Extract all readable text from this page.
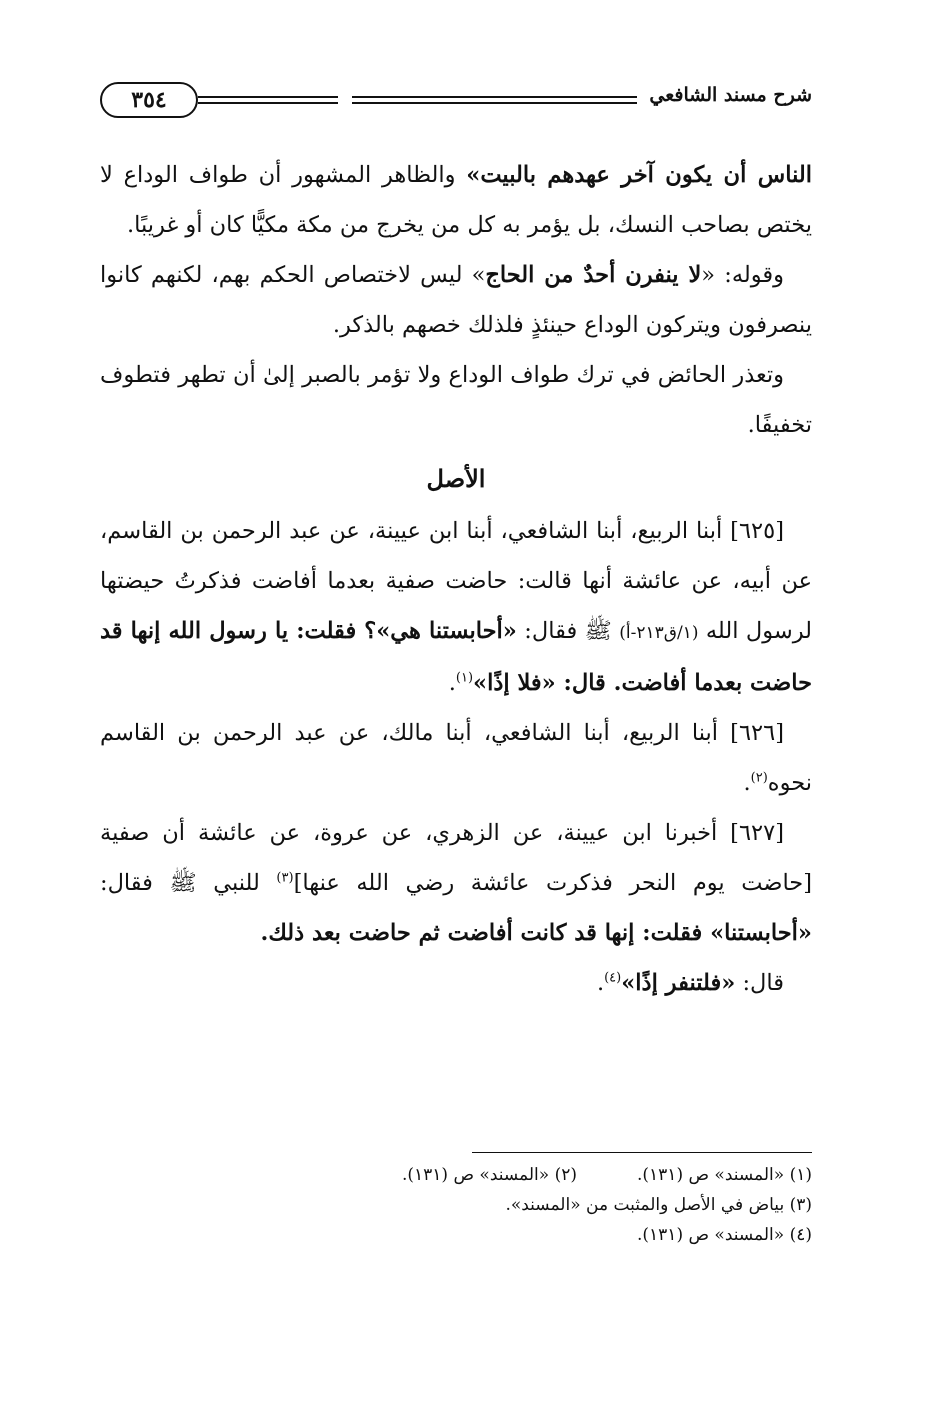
شرح مسند الشافعي
٣٥٤

الناس أن يكون آخر عهدهم بالبيت» والظاهر المشهور أن طواف الوداع لا يختص بصاحب النسك، بل يؤمر به كل من يخرج من مكة مكيًّا كان أو غريبًا.

وقوله: «لا ينفرن أحدٌ من الحاج» ليس لاختصاص الحكم بهم، لكنهم كانوا ينصرفون ويتركون الوداع حينئذٍ فلذلك خصهم بالذكر.

وتعذر الحائض في ترك طواف الوداع ولا تؤمر بالصبر إلىٰ أن تطهر فتطوف تخفيفًا.

الأصل

[٦٢٥] أبنا الربيع، أبنا الشافعي، أبنا ابن عيينة، عن عبد الرحمن بن القاسم، عن أبيه، عن عائشة أنها قالت: حاضت صفية بعدما أفاضت فذكرتُ حيضتها لرسول الله (١/ق٢١٣-أ) ﷺ فقال: «أحابستنا هي»؟ فقلت: يا رسول الله إنها قد حاضت بعدما أفاضت. قال: «فلا إذًا»$^{(١)}$.

[٦٢٦] أبنا الربيع، أبنا الشافعي، أبنا مالك، عن عبد الرحمن بن القاسم نحوه$^{(٢)}$.

[٦٢٧] أخبرنا ابن عيينة، عن الزهري، عن عروة، عن عائشة أن صفية [حاضت يوم النحر فذكرت عائشة رضي الله عنها]$^{(٣)}$ للنبي ﷺ فقال: «أحابستنا» فقلت: إنها قد كانت أفاضت ثم حاضت بعد ذلك.
قال: «فلتنفر إذًا»$^{(٤)}$.

(١) «المسند» ص (١٣١).
(٢) «المسند» ص (١٣١).
(٣) بياض في الأصل والمثبت من «المسند».
(٤) «المسند» ص (١٣١).
